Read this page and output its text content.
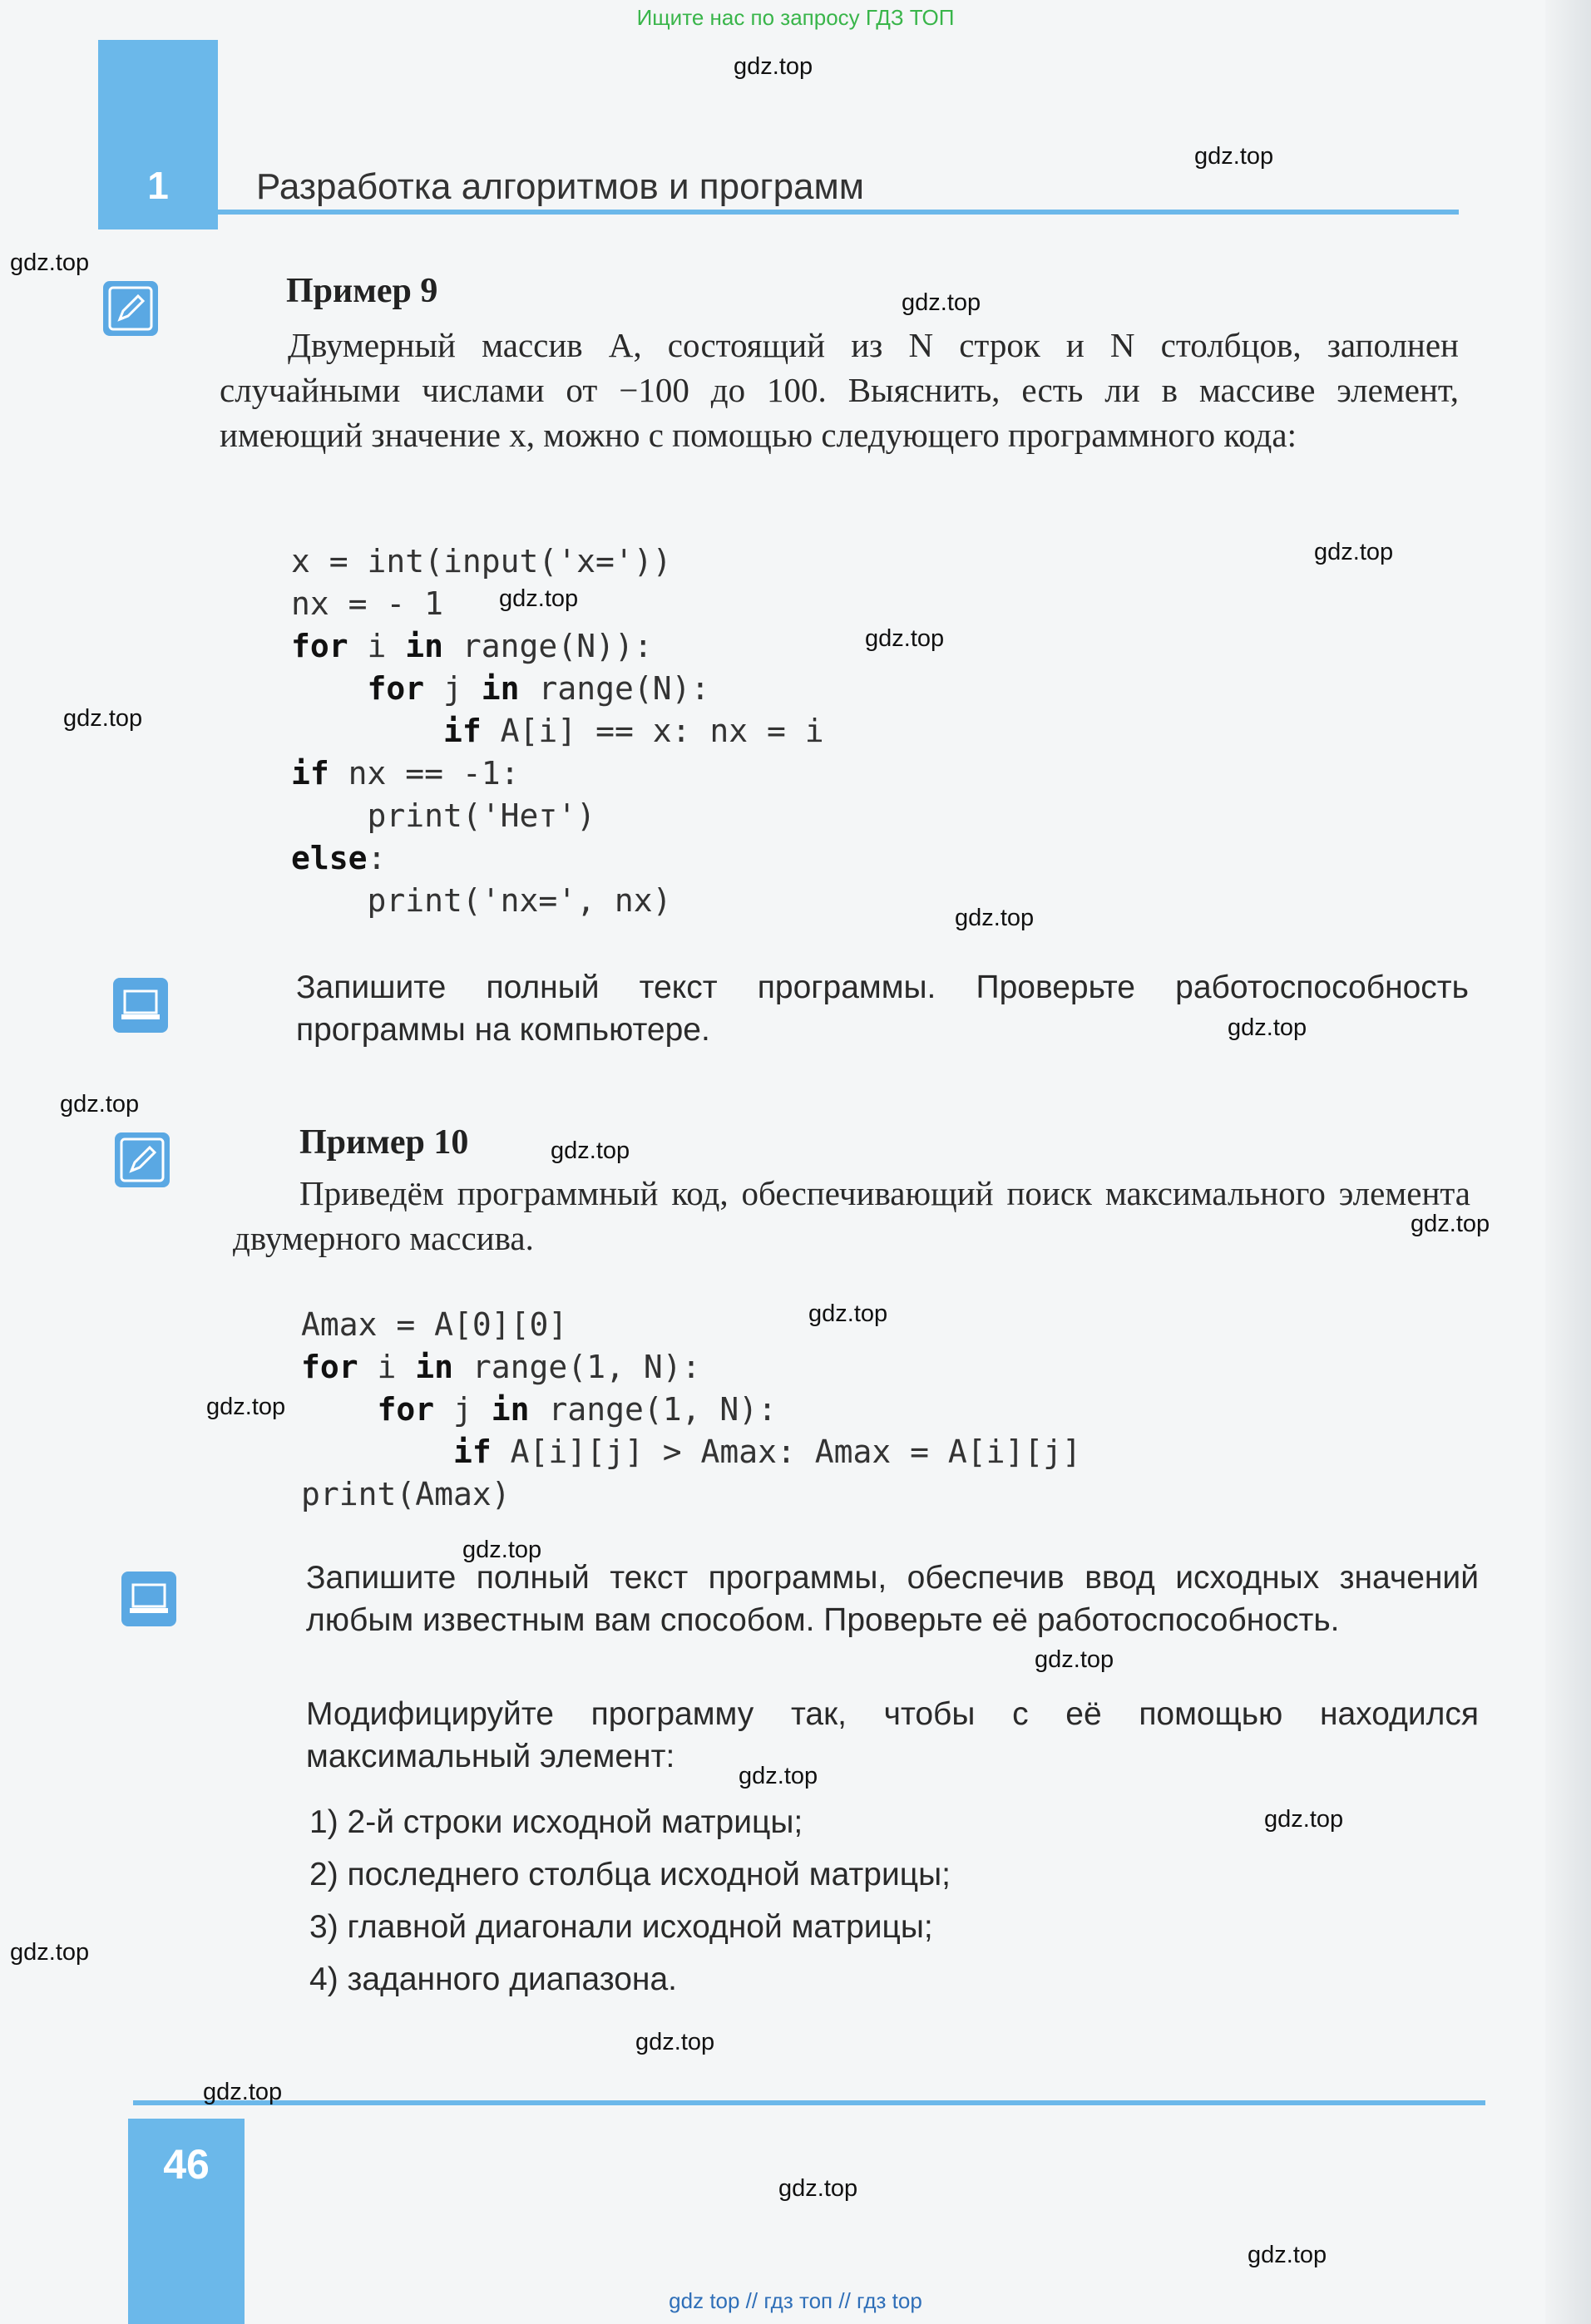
Ищите нас по запросу ГДЗ ТОП
1	Разработка алгоритмов и программ
Пример 9
Двумерный массив A, состоящий из N строк и N столбцов, заполнен случайными числами от −100 до 100. Выяснить, есть ли в массиве элемент, имеющий значение x, можно с помощью следующего программного кода:
x = int(input('x='))
nx = - 1
for i in range(N)):
for j in range(N):
if A[i] == x: nx = i
if nx == -1:
print('Нет')
else:
print('nx=', nx)
Запишите полный текст программы. Проверьте работоспособность программы на компьютере.
Пример 10
Приведём программный код, обеспечивающий поиск максимального элемента двумерного массива.
Amax = A[0][0]
for i in range(1, N):
for j in range(1, N):
if A[i][j] > Amax: Amax = A[i][j]
print(Amax)
Запишите полный текст программы, обеспечив ввод исходных значений любым известным вам способом. Проверьте её работоспособность.
Модифицируйте программу так, чтобы с её помощью находился максимальный элемент:
1) 2-й строки исходной матрицы;
2) последнего столбца исходной матрицы;
3) главной диагонали исходной матрицы;
4) заданного диапазона.
46
gdz.top
gdz.top
gdz.top
gdz.top
gdz.top
gdz.top
gdz.top
gdz.top
gdz.top
gdz.top
gdz.top
gdz.top
gdz.top
gdz.top
gdz.top
gdz.top
gdz.top
gdz.top
gdz.top
gdz.top
gdz.top
gdz.top
gdz.top
gdz.top
gdz top // гдз топ // гдз top
